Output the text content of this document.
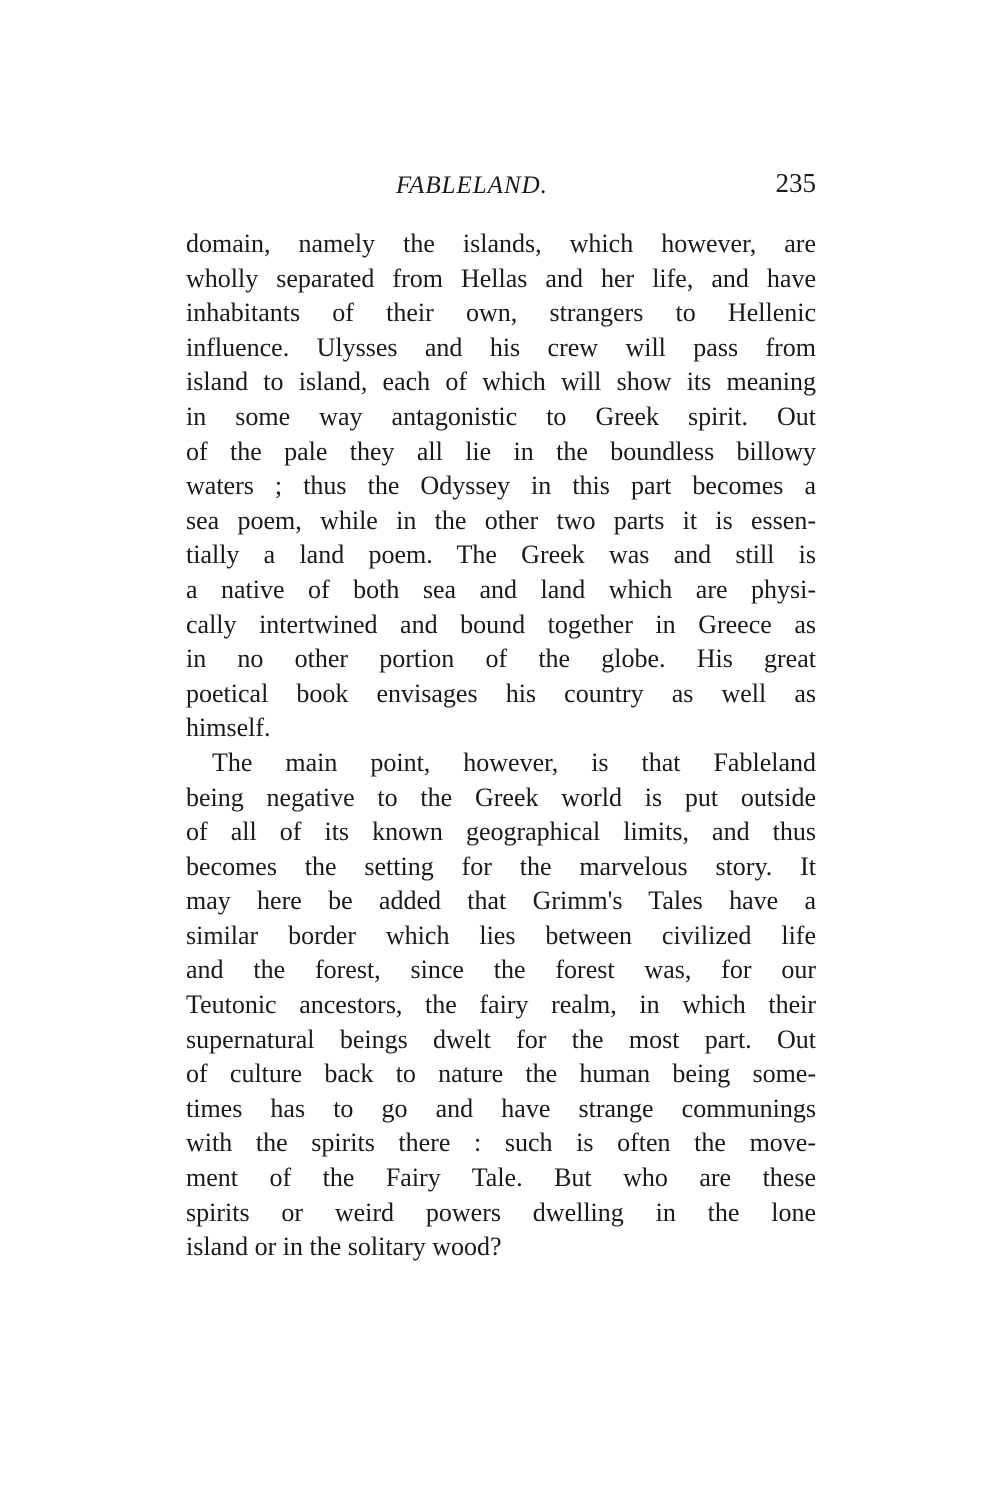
FABLELAND.	235
domain, namely the islands, which however, are
wholly separated from Hellas and her life, and have
inhabitants of their own, strangers to Hellenic
influence. Ulysses and his crew will pass from
island to island, each of which will show its meaning
in some way antagonistic to Greek spirit. Out
of the pale they all lie in the boundless billowy
waters ; thus the Odyssey in this part becomes a
sea poem, while in the other two parts it is essen-
tially a land poem. The Greek was and still is
a native of both sea and land which are physi-
cally intertwined and bound together in Greece as
in no other portion of the globe. His great
poetical book envisages his country as well as
himself.
The main point, however, is that Fableland
being negative to the Greek world is put outside
of all of its known geographical limits, and thus
becomes the setting for the marvelous story. It
may here be added that Grimm's Tales have a
similar border which lies between civilized life
and the forest, since the forest was, for our
Teutonic ancestors, the fairy realm, in which their
supernatural beings dwelt for the most part. Out
of culture back to nature the human being some-
times has to go and have strange communings
with the spirits there : such is often the move-
ment of the Fairy Tale. But who are these
spirits or weird powers dwelling in the lone
island or in the solitary wood?
